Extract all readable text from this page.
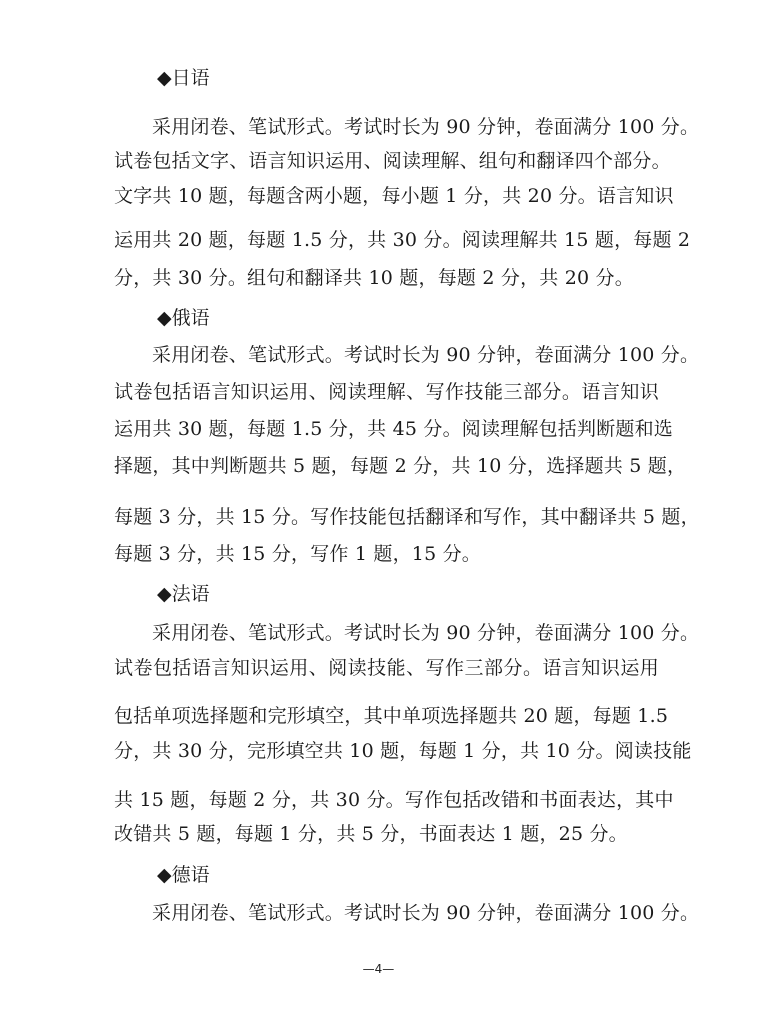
◆日语
采用闭卷、笔试形式。考试时长为 90 分钟，卷面满分 100 分。
试卷包括文字、语言知识运用、阅读理解、组句和翻译四个部分。
文字共 10 题，每题含两小题，每小题 1 分，共 20 分。语言知识
运用共 20 题，每题 1.5 分，共 30 分。阅读理解共 15 题，每题 2
分，共 30 分。组句和翻译共 10 题，每题 2 分，共 20 分。
◆俄语
采用闭卷、笔试形式。考试时长为 90 分钟，卷面满分 100 分。
试卷包括语言知识运用、阅读理解、写作技能三部分。语言知识
运用共 30 题，每题 1.5 分，共 45 分。阅读理解包括判断题和选
择题，其中判断题共 5 题，每题 2 分，共 10 分，选择题共 5 题，
每题 3 分，共 15 分。写作技能包括翻译和写作，其中翻译共 5 题，
每题 3 分，共 15 分，写作 1 题，15 分。
◆法语
采用闭卷、笔试形式。考试时长为 90 分钟，卷面满分 100 分。
试卷包括语言知识运用、阅读技能、写作三部分。语言知识运用
包括单项选择题和完形填空，其中单项选择题共 20 题，每题 1.5
分，共 30 分，完形填空共 10 题，每题 1 分，共 10 分。阅读技能
共 15 题，每题 2 分，共 30 分。写作包括改错和书面表达，其中
改错共 5 题，每题 1 分，共 5 分，书面表达 1 题，25 分。
◆德语
采用闭卷、笔试形式。考试时长为 90 分钟，卷面满分 100 分。
—4—
